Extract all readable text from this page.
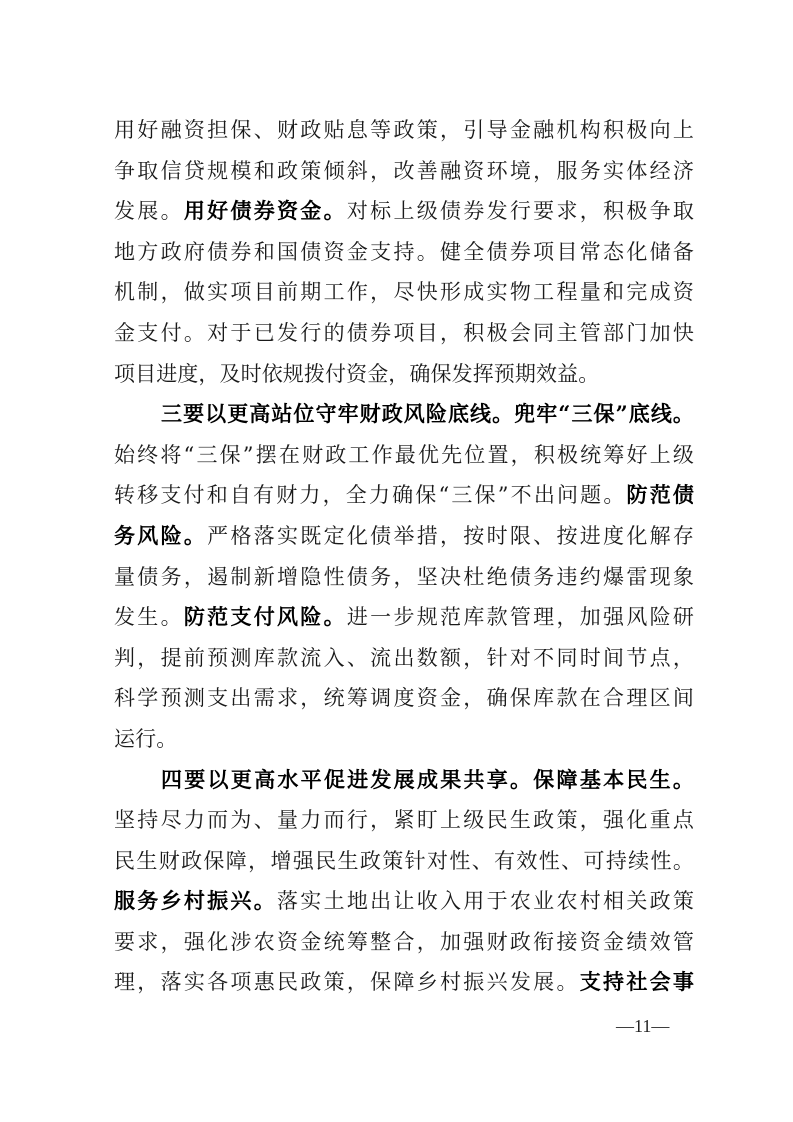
用好融资担保、财政贴息等政策，引导金融机构积极向上
争取信贷规模和政策倾斜，改善融资环境，服务实体经济
发展。用好债券资金。对标上级债券发行要求，积极争取
地方政府债券和国债资金支持。健全债券项目常态化储备
机制，做实项目前期工作，尽快形成实物工程量和完成资
金支付。对于已发行的债券项目，积极会同主管部门加快
项目进度，及时依规拨付资金，确保发挥预期效益。
三要以更高站位守牢财政风险底线。兜牢“三保”底线。
始终将“三保”摆在财政工作最优先位置，积极统筹好上级
转移支付和自有财力，全力确保“三保”不出问题。防范债
务风险。严格落实既定化债举措，按时限、按进度化解存
量债务，遏制新增隐性债务，坚决杜绝债务违约爆雷现象
发生。防范支付风险。进一步规范库款管理，加强风险研
判，提前预测库款流入、流出数额，针对不同时间节点，
科学预测支出需求，统筹调度资金，确保库款在合理区间
运行。
四要以更高水平促进发展成果共享。保障基本民生。
坚持尽力而为、量力而行，紧盯上级民生政策，强化重点
民生财政保障，增强民生政策针对性、有效性、可持续性。
服务乡村振兴。落实土地出让收入用于农业农村相关政策
要求，强化涉农资金统筹整合，加强财政衔接资金绩效管
理，落实各项惠民政策，保障乡村振兴发展。支持社会事
—11—
